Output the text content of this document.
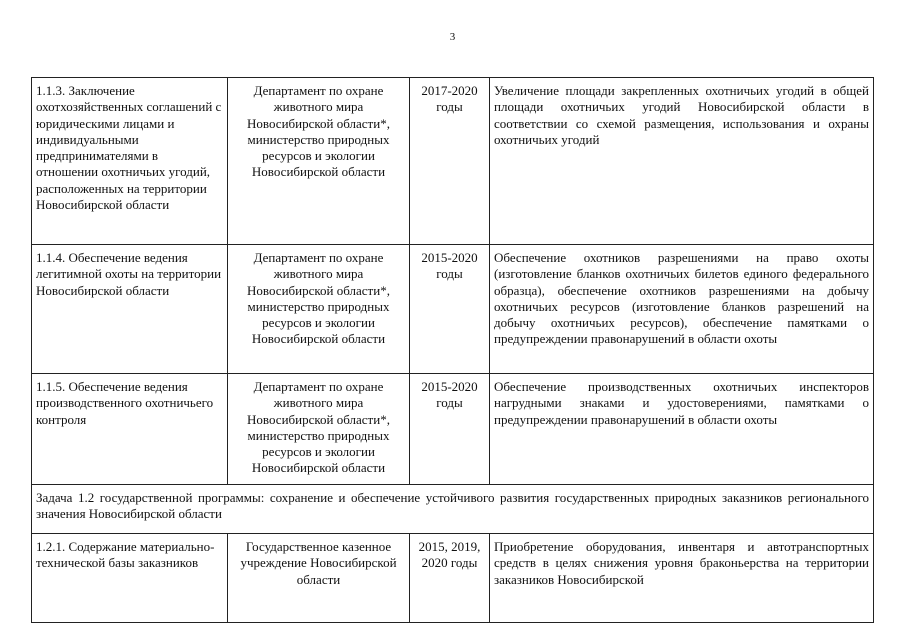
3
1.1.3. Заключение охотхозяйственных соглашений с юридическими лицами и индивидуальными предпринимателями в отношении охотничьих угодий, расположенных на территории Новосибирской области	Департамент по охране животного мира Новосибирской области*, министерство природных ресурсов и экологии Новосибирской области	2017-2020 годы	Увеличение площади закрепленных охотничьих угодий в общей площади охотничьих угодий Новосибирской области в соответствии со схемой размещения, использования и охраны охотничьих угодий
1.1.4. Обеспечение ведения легитимной охоты на территории Новосибирской области	Департамент по охране животного мира Новосибирской области*, министерство природных ресурсов и экологии Новосибирской области	2015-2020 годы	Обеспечение охотников разрешениями на право охоты (изготовление бланков охотничьих билетов единого федерального образца), обеспечение охотников разрешениями на добычу охотничьих ресурсов (изготовление бланков разрешений на добычу охотничьих ресурсов), обеспечение памятками о предупреждении правонарушений в области охоты
1.1.5. Обеспечение ведения производственного охотничьего контроля	Департамент по охране животного мира Новосибирской области*, министерство природных ресурсов и экологии Новосибирской области	2015-2020 годы	Обеспечение производственных охотничьих инспекторов нагрудными знаками и удостоверениями, памятками о предупреждении правонарушений в области охоты
Задача 1.2 государственной программы: сохранение и обеспечение устойчивого развития государственных природных заказников регионального значения Новосибирской области			
1.2.1. Содержание материально-технической базы заказников	Государственное казенное учреждение Новосибирской области	2015, 2019, 2020 годы	Приобретение оборудования, инвентаря и автотранспортных средств в целях снижения уровня браконьерства на территории заказников Новосибирской
